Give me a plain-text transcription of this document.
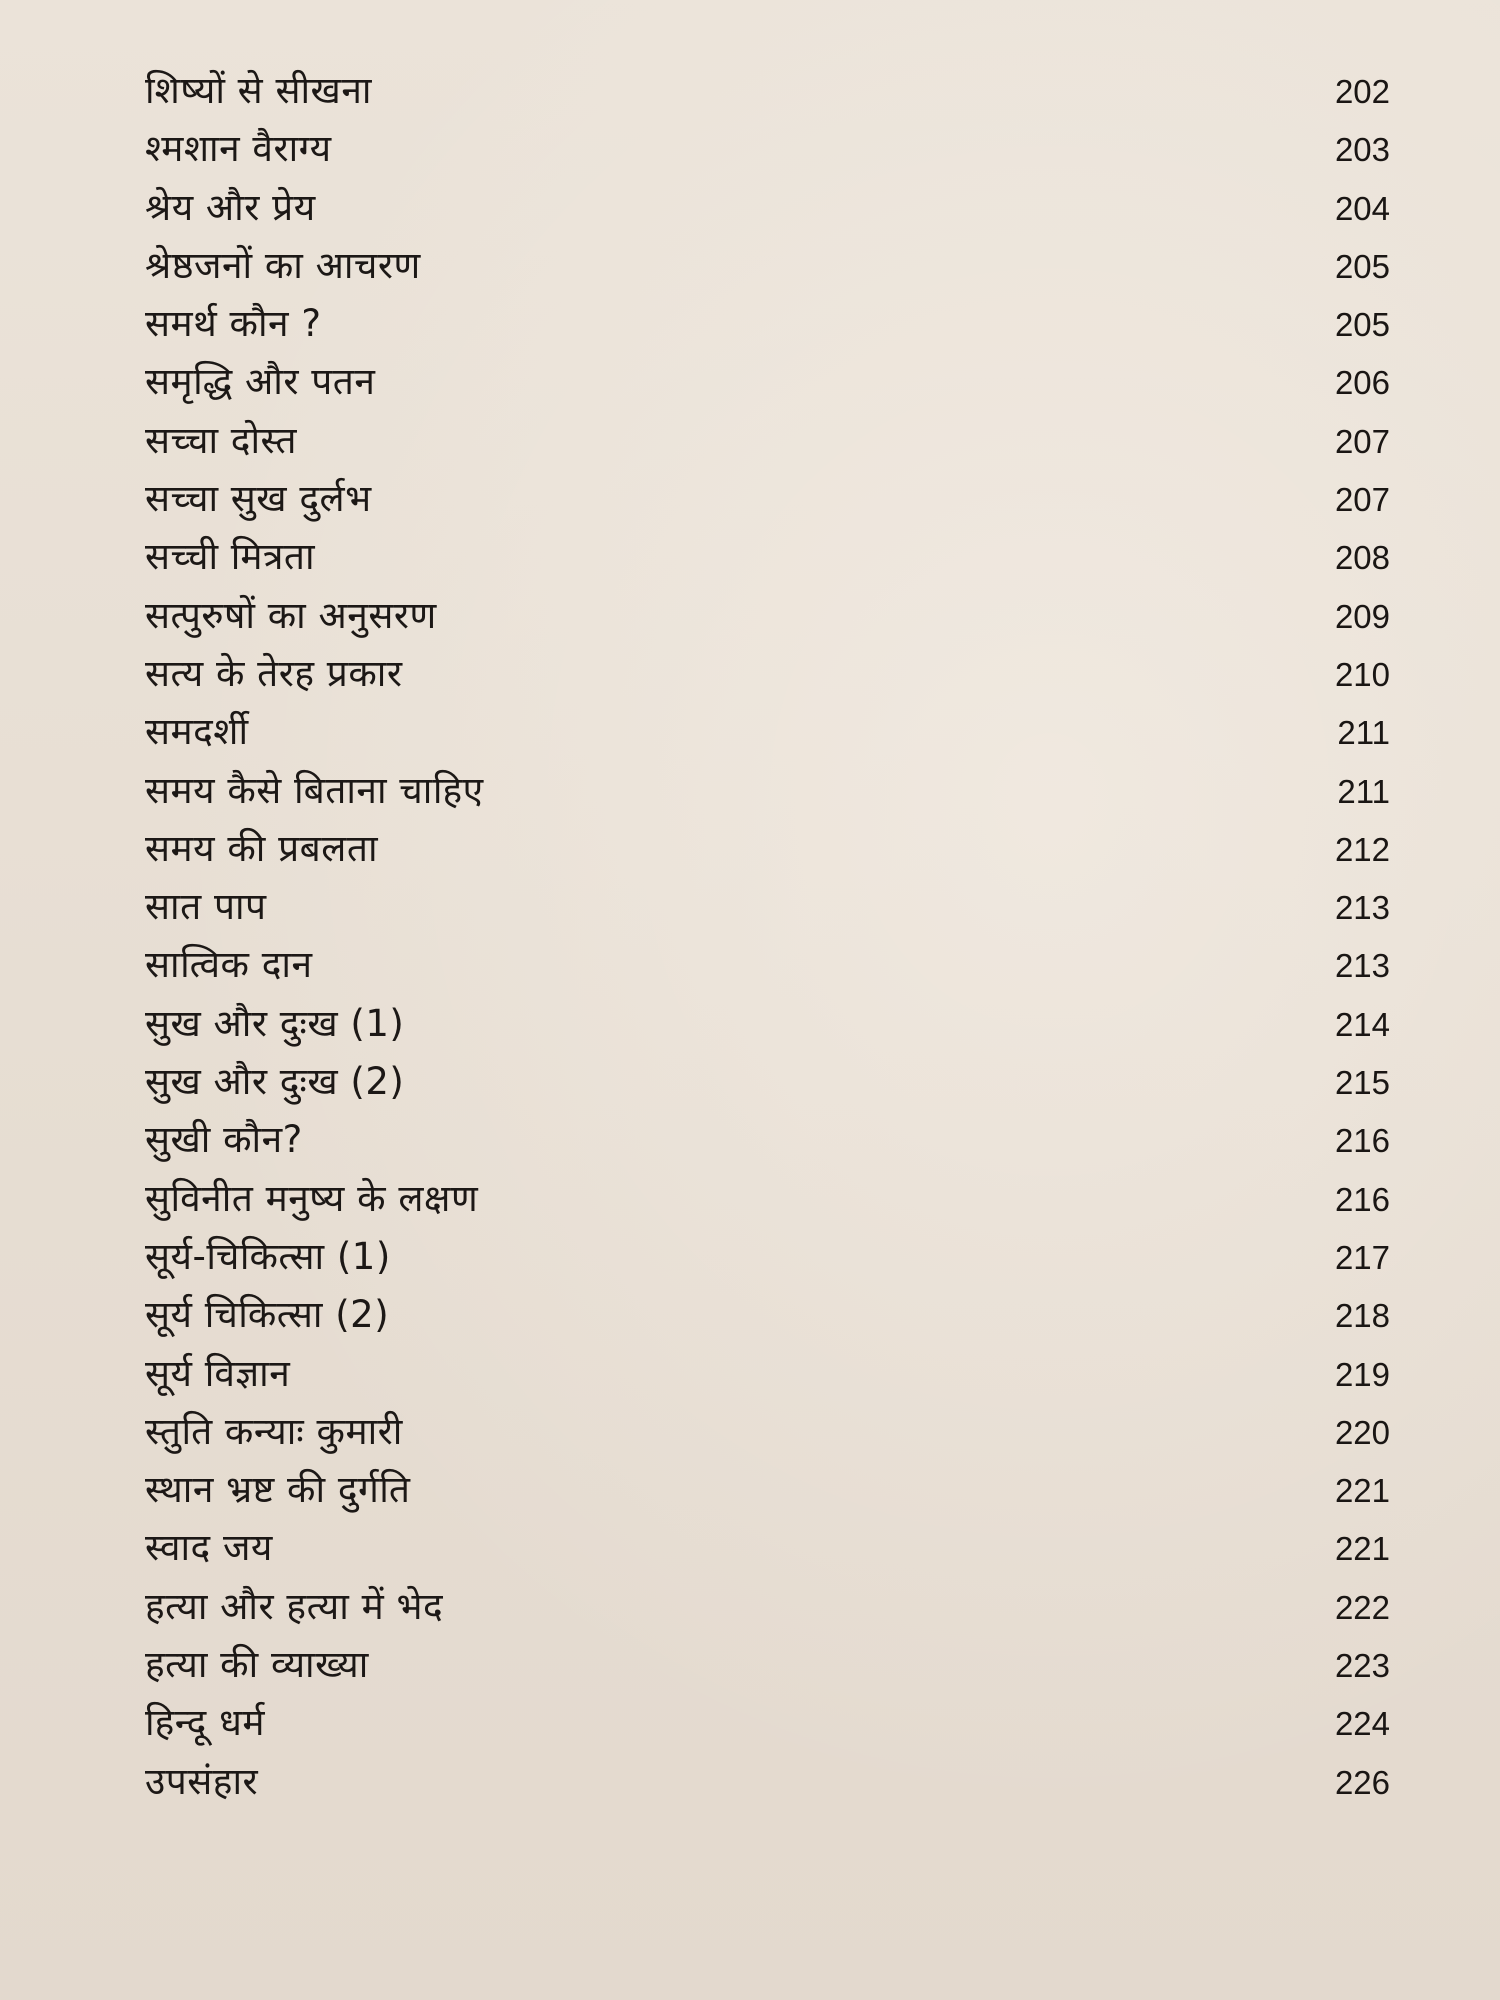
शिष्यों से सीखना	202
श्मशान वैराग्य	203
श्रेय और प्रेय	204
श्रेष्ठजनों का आचरण	205
समर्थ कौन ?	205
समृद्धि और पतन	206
सच्चा दोस्त	207
सच्चा सुख दुर्लभ	207
सच्ची मित्रता	208
सत्पुरुषों का अनुसरण	209
सत्य के तेरह प्रकार	210
समदर्शी	211
समय कैसे बिताना चाहिए	211
समय की प्रबलता	212
सात पाप	213
सात्विक दान	213
सुख और दुःख (1)	214
सुख और दुःख (2)	215
सुखी कौन?	216
सुविनीत मनुष्य के लक्षण	216
सूर्य-चिकित्सा (1)	217
सूर्य चिकित्सा (2)	218
सूर्य विज्ञान	219
स्तुति कन्याः कुमारी	220
स्थान भ्रष्ट की दुर्गति	221
स्वाद जय	221
हत्या और हत्या में भेद	222
हत्या की व्याख्या	223
हिन्दू धर्म	224
उपसंहार	226
